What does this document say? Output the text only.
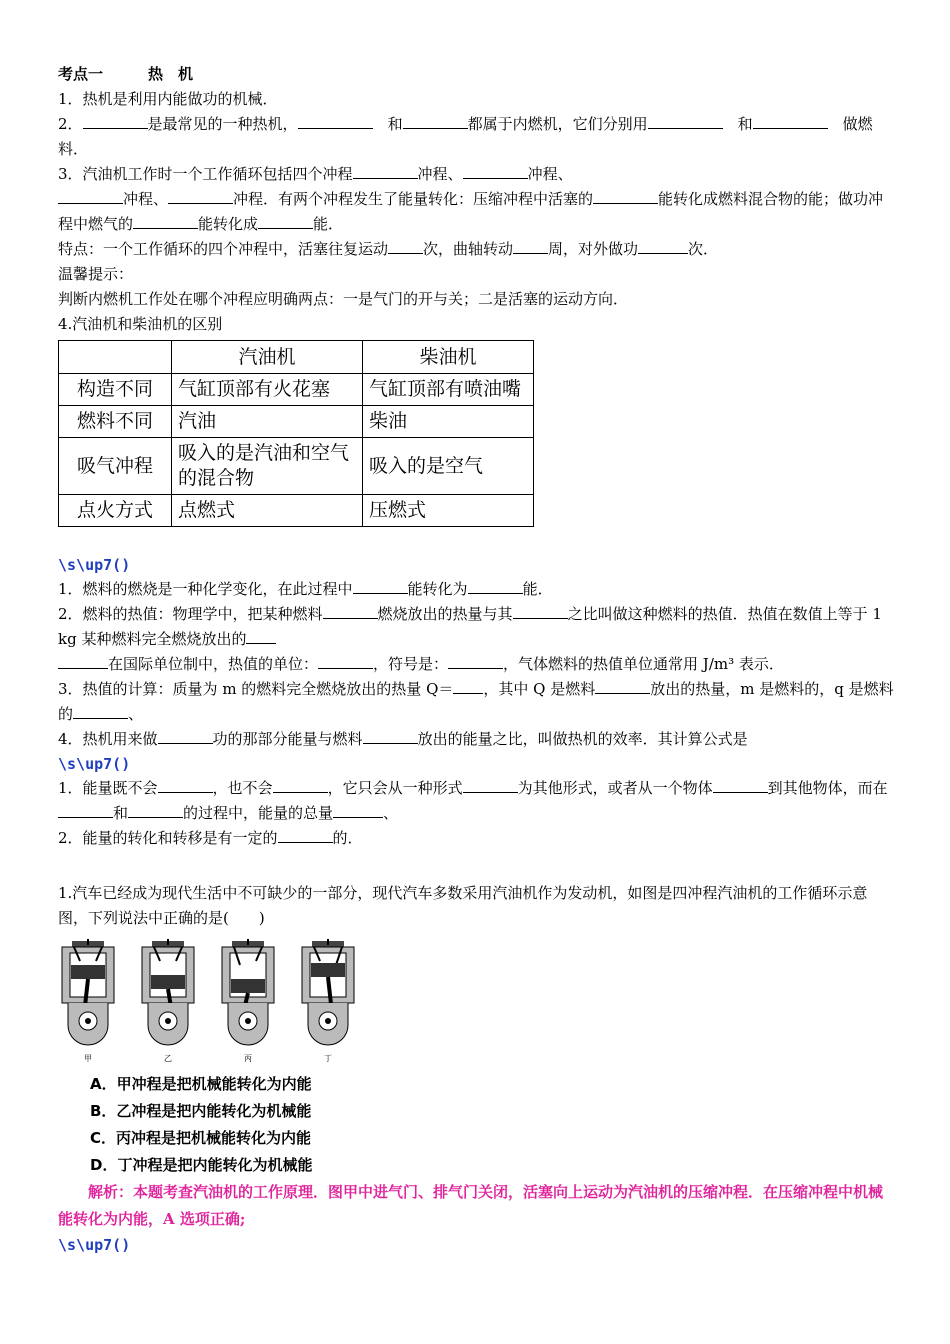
考点一　　　热　机

1．热机是利用内能做功的机械．

2．	是最常见的一种热机，　	和	都属于内燃机，它们分别用　	和　	做燃料．

3．汽油机工作时一个工作循环包括四个冲程	冲程、	冲程、
冲程、	冲程．有两个冲程发生了能量转化：压缩冲程中活塞的	能转化成燃料混合物的能；做功冲程中燃气的	能转化成	能．

特点：一个工作循环的四个冲程中，活塞往复运动 次，曲轴转动 周，对外做功	次．

温馨提示：

判断内燃机工作处在哪个冲程应明确两点：一是气门的开与关；二是活塞的运动方向．

4.汽油机和柴油机的区别

	汽油机	柴油机
构造不同	气缸顶部有火花塞	气缸顶部有喷油嘴
燃料不同	汽油	柴油
吸气冲程	吸入的是汽油和空气的混合物	吸入的是空气
点火方式	点燃式	压燃式

\s\up7()

1．燃料的燃烧是一种化学变化，在此过程中	能转化为	能．

2．燃料的热值：物理学中，把某种燃料	燃烧放出的热量与其	之比叫做这种燃料的热值．热值在数值上等于 1 kg 某种燃料完全燃烧放出的
在国际单位制中，热值的单位：	，符号是：	，气体燃料的热值单位通常用 J/m³ 表示．

3．热值的计算：质量为 m 的燃料完全燃烧放出的热量 Q＝ ，其中 Q 是燃料	放出的热量，m 是燃料的，q 是燃料的	、

4．热机用来做	功的那部分能量与燃料	放出的能量之比，叫做热机的效率．其计算公式是

\s\up7()

1．能量既不会	，也不会	，它只会从一种形式	为其他形式，或者从一个物体	到其他物体，而在和	的过程中，能量的总量	、

2．能量的转化和转移是有一定的	的．

1.汽车已经成为现代生活中不可缺少的一部分，现代汽车多数采用汽油机作为发动机，如图是四冲程汽油机的工作循环示意图，下列说法中正确的是(　　)

甲	乙	丙	丁

A．甲冲程是把机械能转化为内能

B．乙冲程是把内能转化为机械能

C．丙冲程是把机械能转化为内能

D．丁冲程是把内能转化为机械能

解析：本题考查汽油机的工作原理．图甲中进气门、排气门关闭，活塞向上运动为汽油机的压缩冲程．在压缩冲程中机械能转化为内能，A 选项正确;

\s\up7()
